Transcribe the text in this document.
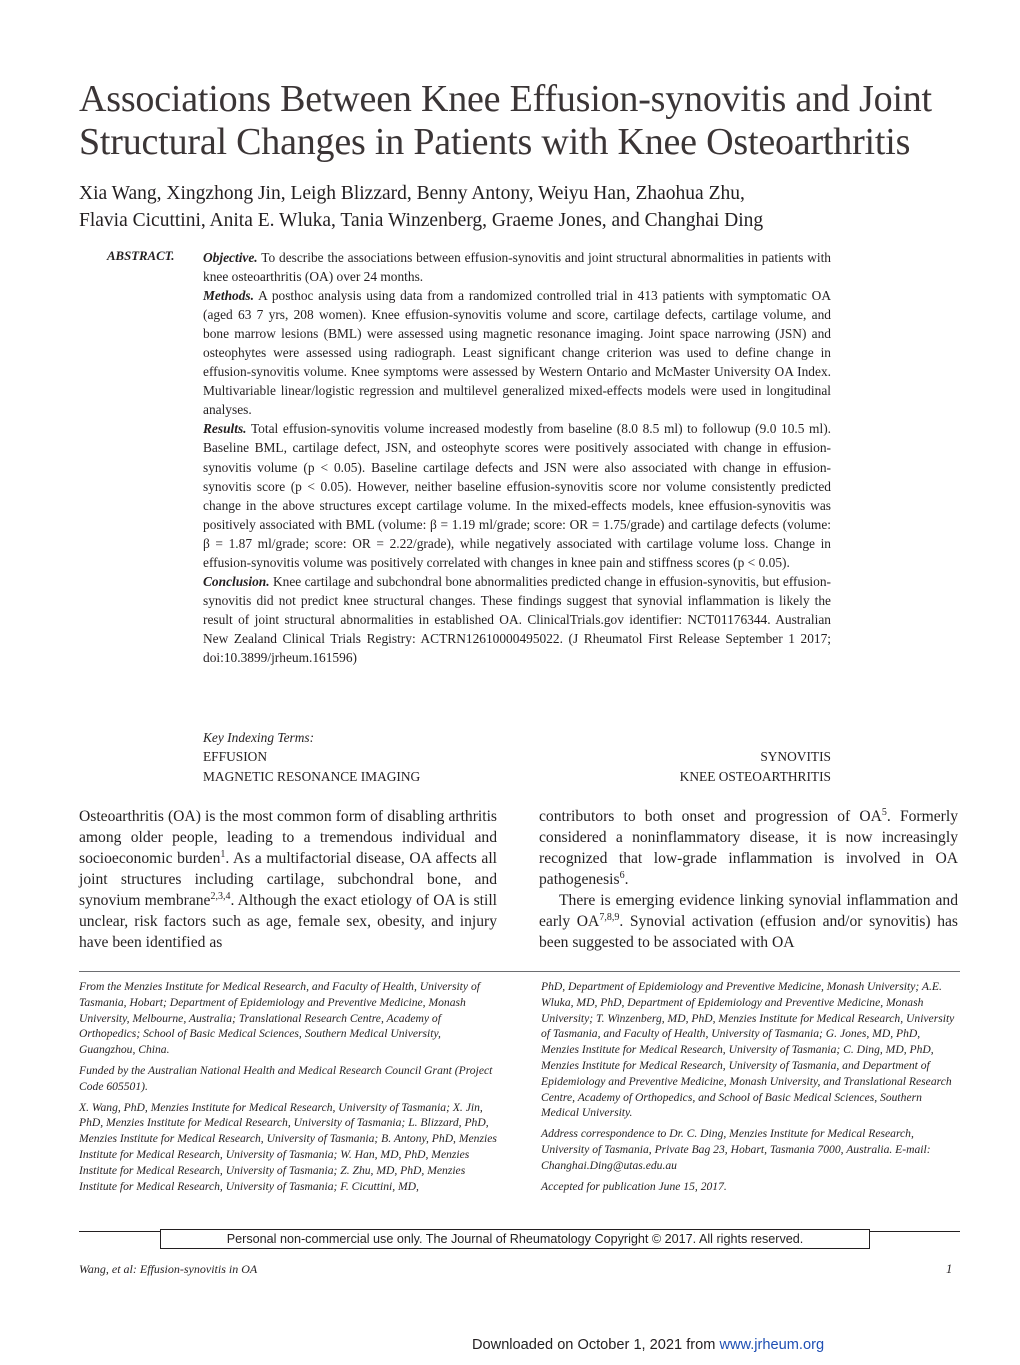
Associations Between Knee Effusion-synovitis and Joint Structural Changes in Patients with Knee Osteoarthritis
Xia Wang, Xingzhong Jin, Leigh Blizzard, Benny Antony, Weiyu Han, Zhaohua Zhu,
Flavia Cicuttini, Anita E. Wluka, Tania Winzenberg, Graeme Jones, and Changhai Ding
ABSTRACT. Objective. To describe the associations between effusion-synovitis and joint structural abnormalities in patients with knee osteoarthritis (OA) over 24 months.

Methods. A posthoc analysis using data from a randomized controlled trial in 413 patients with symptomatic OA (aged 63 7 yrs, 208 women). Knee effusion-synovitis volume and score, cartilage defects, cartilage volume, and bone marrow lesions (BML) were assessed using magnetic resonance imaging. Joint space narrowing (JSN) and osteophytes were assessed using radiograph. Least significant change criterion was used to define change in effusion-synovitis volume. Knee symptoms were assessed by Western Ontario and McMaster University OA Index. Multivariable linear/logistic regression and multilevel generalized mixed-effects models were used in longitudinal analyses.

Results. Total effusion-synovitis volume increased modestly from baseline (8.0 8.5 ml) to followup (9.0 10.5 ml). Baseline BML, cartilage defect, JSN, and osteophyte scores were positively associated with change in effusion-synovitis volume (p < 0.05). Baseline cartilage defects and JSN were also associated with change in effusion-synovitis score (p < 0.05). However, neither baseline effusion-synovitis score nor volume consistently predicted change in the above structures except cartilage volume. In the mixed-effects models, knee effusion-synovitis was positively associated with BML (volume: β = 1.19 ml/grade; score: OR = 1.75/grade) and cartilage defects (volume: β = 1.87 ml/grade; score: OR = 2.22/grade), while negatively associated with cartilage volume loss. Change in effusion-synovitis volume was positively correlated with changes in knee pain and stiffness scores (p < 0.05).

Conclusion. Knee cartilage and subchondral bone abnormalities predicted change in effusion-synovitis, but effusion-synovitis did not predict knee structural changes. These findings suggest that synovial inflammation is likely the result of joint structural abnormalities in established OA. ClinicalTrials.gov identifier: NCT01176344. Australian New Zealand Clinical Trials Registry: ACTRN12610000495022. (J Rheumatol First Release September 1 2017; doi:10.3899/jrheum.161596)

Key Indexing Terms:
EFFUSION	SYNOVITIS
MAGNETIC RESONANCE IMAGING	KNEE OSTEOARTHRITIS

Osteoarthritis (OA) is the most common form of disabling arthritis among older people, leading to a tremendous individual and socioeconomic burden$^1$. As a multifactorial disease, OA affects all joint structures including cartilage, subchondral bone, and synovium membrane$^{2,3,4}$. Although the exact etiology of OA is still unclear, risk factors such as age, female sex, obesity, and injury have been identified as

contributors to both onset and progression of $OA^5$. Formerly considered a noninflammatory disease, it is now increasingly recognized that low-grade inflammation is involved in OA pathogenesis$^6$.

There is emerging evidence linking synovial inflammation and early OA$^{7,8,9}$. Synovial activation (effusion and/or synovitis) has been suggested to be associated with OA

From the Menzies Institute for Medical Research, and Faculty of Health, University of Tasmania, Hobart; Department of Epidemiology and Preventive Medicine, Monash University, Melbourne, Australia; Translational Research Centre, Academy of Orthopedics; School of Basic Medical Sciences, Southern Medical University, Guangzhou, China.

Funded by the Australian National Health and Medical Research Council Grant (Project Code 605501).

X. Wang, PhD, Menzies Institute for Medical Research, University of Tasmania; X. Jin, PhD, Menzies Institute for Medical Research, University of Tasmania; L. Blizzard, PhD, Menzies Institute for Medical Research, University of Tasmania; B. Antony, PhD, Menzies Institute for Medical Research, University of Tasmania; W. Han, MD, PhD, Menzies Institute for Medical Research, University of Tasmania; Z. Zhu, MD, PhD, Menzies Institute for Medical Research, University of Tasmania; F. Cicuttini, MD,

PhD, Department of Epidemiology and Preventive Medicine, Monash University; A.E. Wluka, MD, PhD, Department of Epidemiology and Preventive Medicine, Monash University; T. Winzenberg, MD, PhD, Menzies Institute for Medical Research, University of Tasmania, and Faculty of Health, University of Tasmania; G. Jones, MD, PhD, Menzies Institute for Medical Research, University of Tasmania; C. Ding, MD, PhD, Menzies Institute for Medical Research, University of Tasmania, and Department of Epidemiology and Preventive Medicine, Monash University, and Translational Research Centre, Academy of Orthopedics, and School of Basic Medical Sciences, Southern Medical University.

Address correspondence to Dr. C. Ding, Menzies Institute for Medical Research, University of Tasmania, Private Bag 23, Hobart, Tasmania 7000, Australia. E-mail: Changhai.Ding@utas.edu.au

Accepted for publication June 15, 2017.

Personal non-commercial use only. The Journal of Rheumatology Copyright © 2017. All rights reserved.
Wang, et al: Effusion-synovitis in OA	1
Downloaded on October 1, 2021 from www.jrheum.org
